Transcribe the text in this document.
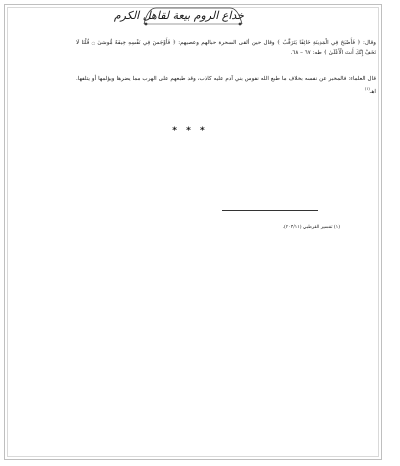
خداع الروم بيعة لقاهل الكرم
وقال: ﴿ فَأَصْبَحَ فِي الْمَدِينَةِ خَائِفًا يَتَرَقَّبُ ﴾ وقال حين ألقى السحرة حبالهم وعصيهم: ﴿ فَأَوْجَسَ فِي نَفْسِهِ خِيفَةً مُّوسَىٰ ۝ قُلْنَا لَا تَخَفْ إِنَّكَ أَنتَ الْأَعْلَىٰ ﴾ طه: ٦٧ – ٦٨.
قال العلماء: فالمخبر عن نفسه بخلاف ما طبع الله نفوس بني آدم عليه كاذب، وقد طبعهم على الهرب مما يضرها ويؤلمها أو يتلفها. اهـ$^{(١)}$
* * *
(١) تفسير القرطبي (٢٠٣/١١).
